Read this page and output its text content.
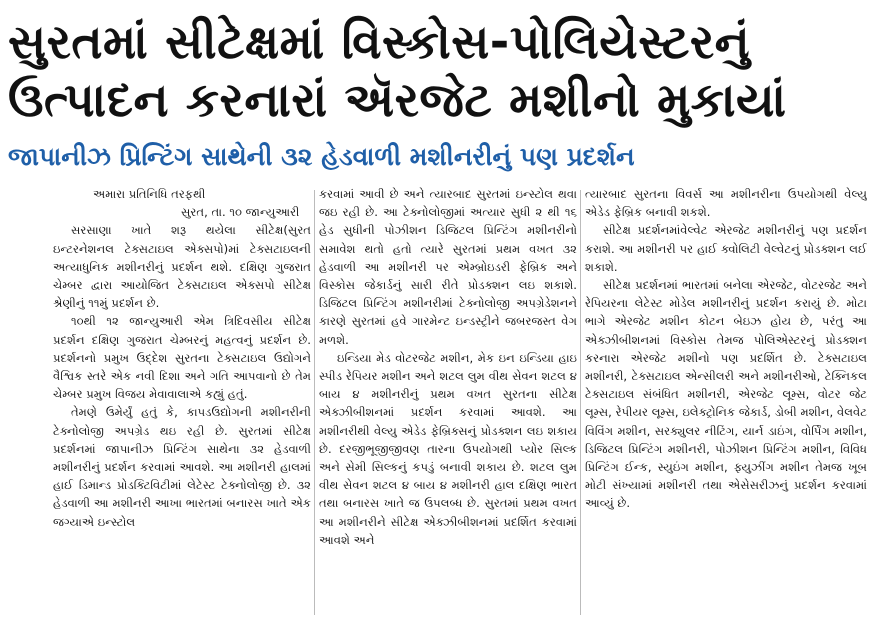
સુરતમાં સીટેક્ષમાં વિસ્કોસ-પોલિયેસ્ટરનું
ઉત્પાદન કરનારાં ઍરજેટ મશીનો મુકાયાં
જાપાનીઝ પ્રિન્ટિંગ સાથેની ૩૨ હેડવાળી મશીનરીનું પણ પ્રદર્શન

અમારા પ્રતિનિધિ તરફથી

સુરત, તા. ૧૦ જાન્યુઆરી

સરસાણા ખાતે શરૂ થયેલા સીટેક્ષ(સુરત ઇન્ટરનેશનલ ટેક્સટાઇલ એક્સપો)માં ટેક્સટાઇલની અત્યાધુનિક મશીનરીનું પ્રદર્શન થશે. દક્ષિણ ગુજરાત ચેમ્બર દ્વારા આયોજિત ટેક્સટાઇલ એક્સપો સીટેક્ષ શ્રેણીનું ૧૧મું પ્રદર્શન છે.

૧૦થી ૧૨ જાન્યુઆરી એમ ત્રિદિવસીય સીટેક્ષ પ્રદર્શન દક્ષિણ ગુજરાત ચેમ્બરનું મહત્વનું પ્રદર્શન છે. પ્રદર્શનનો પ્રમુખ ઉદ્દેશ સુરતના ટેક્સટાઇલ ઉદ્યોગને વૈશ્વિક સ્તરે એક નવી દિશા અને ગતિ આપવાનો છે તેમ ચેમ્બર પ્રમુખ વિજય મેવાવાલાએ કહ્યું હતું.

તેમણે ઉમેર્યું હતું કે, કાપડઉદ્યોગની મશીનરીની ટેક્નોલોજી અપગ્રેડ થઇ રહી છે. સુરતમાં સીટેક્ષ પ્રદર્શનમાં જાપાનીઝ પ્રિન્ટિંગ સાથેના ૩૨ હેડવાળી મશીનરીનું પ્રદર્શન કરવામાં આવશે. આ મશીનરી હાલમાં હાઈ ડિમાન્ડ પ્રોડક્ટિવિટીમાં લેટેસ્ટ ટેક્નોલોજી છે. ૩૨ હેડવાળી આ મશીનરી આખા ભારતમાં બનારસ ખાતે એક જગ્યાએ ઇન્સ્ટોલ

કરવામાં આવી છે અને ત્યારબાદ સુરતમાં ઇન્સ્ટોલ થવા જઇ રહી છે. આ ટેક્નોલોજીમાં અત્યાર સુધી ૨ થી ૧૬ હેડ સુધીની પોઝીશન ડિજિટલ પ્રિન્ટિંગ મશીનરીનો સમાવેશ થતો હતો ત્યારે સુરતમાં પ્રથમ વખત ૩૨ હેડવાળી આ મશીનરી પર એમ્બ્રોઇડરી ફેબ્રિક અને વિસ્કોસ જેકાર્ડનું સારી રીતે પ્રોડક્શન લઇ શકાશે. ડિજિટલ પ્રિન્ટિંગ મશીનરીમાં ટેક્નોલોજી અપગ્રેડેશનને કારણે સુરતમાં હવે ગારમેન્ટ ઇન્ડસ્ટ્રીને જબરજસ્ત વેગ મળશે.

ઇન્ડિયા મેડ વોટરજેટ મશીન, મેક ઇન ઇન્ડિયા હાઇ સ્પીડ રેપિયર મશીન અને શટલ લુમ વીથ સેવન શટલ ૪ બાય ૪ મશીનરીનું પ્રથમ વખત સુરતના સીટેક્ષ એક્ઝીબીશનમાં પ્રદર્શન કરવામાં આવશે. આ મશીનરીથી વેલ્યુ એડેડ ફેબ્રિક્સનું પ્રોડક્શન લઇ શકાય છે. દરજીભૂજીજીવણ તારના ઉપયોગથી પ્યોર સિલ્ક અને સેમી સિલ્કનું કપડું બનાવી શકાય છે. શટલ લુમ વીથ સેવન શટલ ૪ બાય ૪ મશીનરી હાલ દક્ષિણ ભારત તથા બનારસ ખાતે જ ઉપલબ્ધ છે. સુરતમાં પ્રથમ વખત આ મશીનરીને સીટેક્ષ એક્ઝીબીશનમાં પ્રદર્શિત કરવામાં આવશે અને

ત્યારબાદ સુરતના વિવર્સ આ મશીનરીના ઉપયોગથી વેલ્યુ એડેડ ફેબ્રિક બનાવી શકશે.

સીટેક્ષ પ્રદર્શનમાંવેલ્વેટ એરજેટ મશીનરીનું પણ પ્રદર્શન કરાશે. આ મશીનરી પર હાઈ ક્વોલિટી વેલ્વેટનું પ્રોડક્શન લઈ શકાશે.

સીટેક્ષ પ્રદર્શનમાં ભારતમાં બનેલા એરજેટ, વોટરજેટ અને રેપિયરના લેટેસ્ટ મોડેલ મશીનરીનું પ્રદર્શન કરાયું છે. મોટા ભાગે એરજેટ મશીન કોટન બેઇઝ હોય છે, પરંતુ આ એક્ઝીબીશનમાં વિસ્કોસ તેમજ પોલિએસ્ટરનું પ્રોડક્શન કરનારા એરજેટ મશીનો પણ પ્રદર્શિત છે. ટેક્સટાઇલ મશીનરી, ટેક્સટાઇલ એન્સીલરી અને મશીનરીઓ, ટેક્નિકલ ટેક્સટાઇલ સંબંધિત મશીનરી, એરજેટ લૂમ્સ, વોટર જેટ લૂમ્સ, રેપીયર લૂમ્સ, ઇલેક્ટ્રોનિક જેકાર્ડ, ડોબી મશીન, વેલવેટ વિવિંગ મશીન, સરક્યુલર નીટિંગ, યાર્ન ડાઇંગ, વોર્પિંગ મશીન, ડિજિટલ પ્રિન્ટિંગ મશીનરી, પોઝીશન પ્રિન્ટિંગ મશીન, વિવિધ પ્રિન્ટિંગ ઈન્ક, સ્યુઇંગ મશીન, ફ્યુઝીંગ મશીન તેમજ ખૂબ મોટી સંખ્યામાં મશીનરી તથા એસેસરીઝનું પ્રદર્શન કરવામાં આવ્યું છે.
